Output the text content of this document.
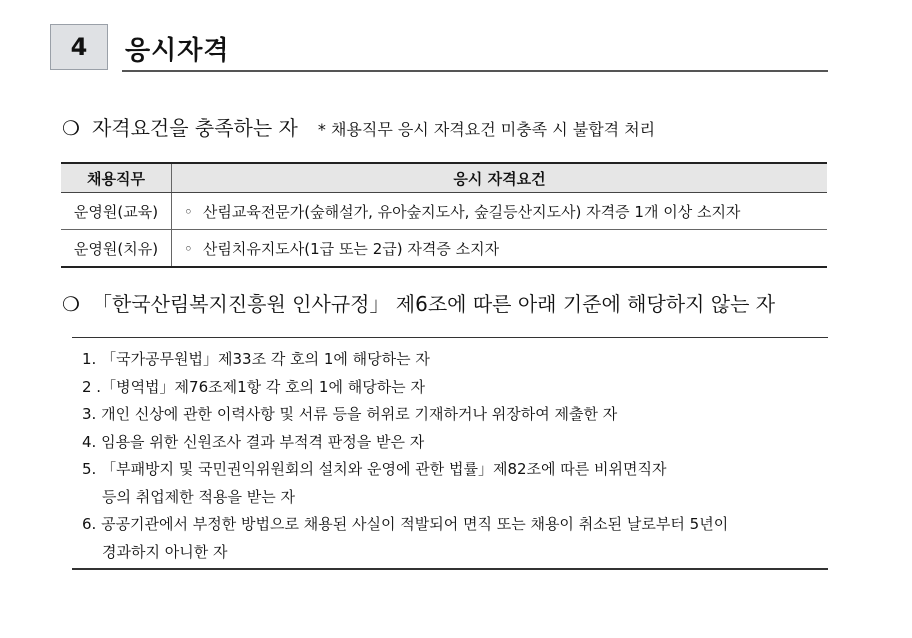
4	응시자격
❍ 자격요건을 충족하는 자 * 채용직무 응시 자격요건 미충족 시 불합격 처리
채용직무	응시 자격요건
운영원(교육)	◦ 산림교육전문가(숲해설가, 유아숲지도사, 숲길등산지도사) 자격증 1개 이상 소지자
운영원(치유)	◦ 산림치유지도사(1급 또는 2급) 자격증 소지자
❍ 「한국산림복지진흥원 인사규정」 제6조에 따른 아래 기준에 해당하지 않는 자
1. 「국가공무원법」제33조 각 호의 1에 해당하는 자
2 .「병역법」제76조제1항 각 호의 1에 해당하는 자
3. 개인 신상에 관한 이력사항 및 서류 등을 허위로 기재하거나 위장하여 제출한 자
4. 임용을 위한 신원조사 결과 부적격 판정을 받은 자
5. 「부패방지 및 국민권익위원회의 설치와 운영에 관한 법률」제82조에 따른 비위면직자
등의 취업제한 적용을 받는 자
6. 공공기관에서 부정한 방법으로 채용된 사실이 적발되어 면직 또는 채용이 취소된 날로부터 5년이
경과하지 아니한 자
